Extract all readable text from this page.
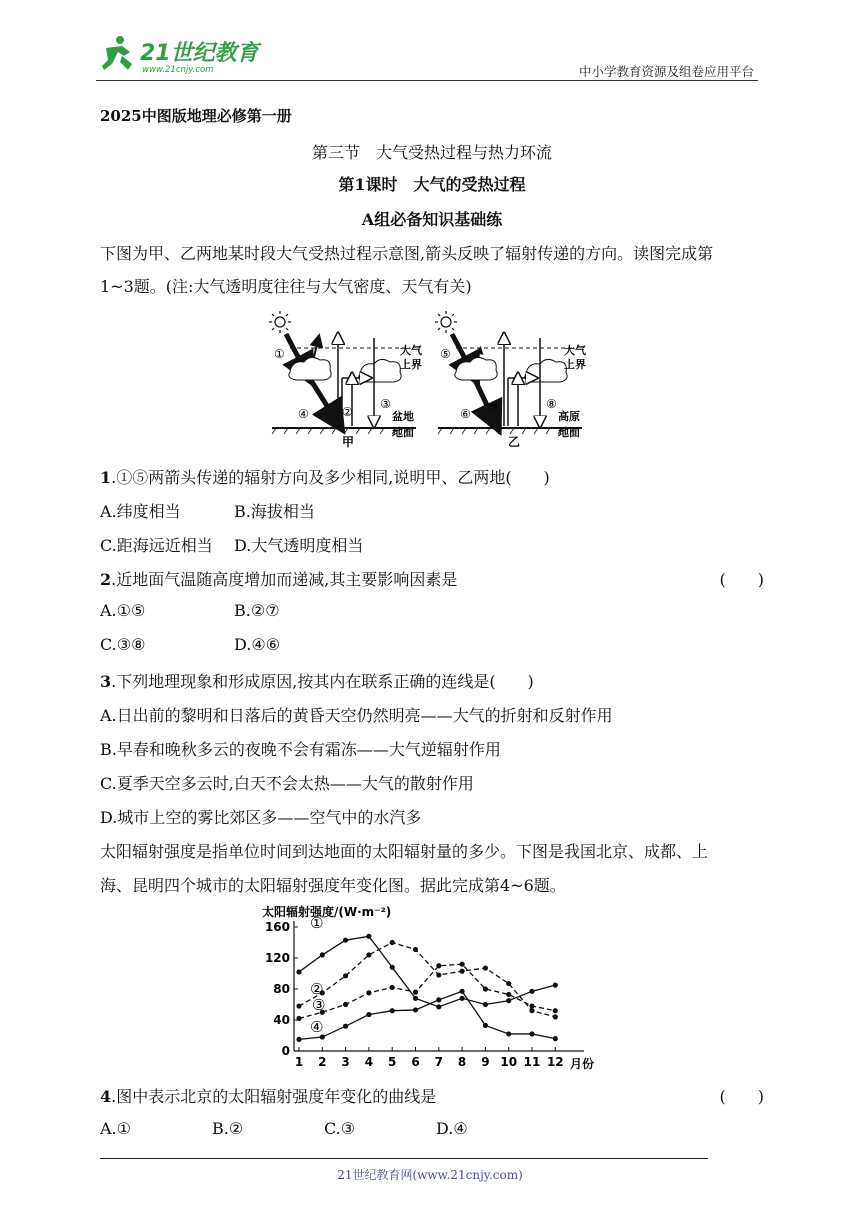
21世纪教育
www.21cnjy.com	中小学教育资源及组卷应用平台
2025中图版地理必修第一册
第三节　大气受热过程与热力环流
第1课时　大气的受热过程
A组必备知识基础练
下图为甲、乙两地某时段大气受热过程示意图,箭头反映了辐射传递的方向。读图完成第
1~3题。(注:大气透明度往往与大气密度、天气有关)
①
④	②
③
大气
上界
盆地
地面
甲
⑤
⑥ ⑦	⑧
大气
上界
高原
地面
乙
1.①⑤两箭头传递的辐射方向及多少相同,说明甲、乙两地(　　)
A.纬度相当	B.海拔相当
C.距海远近相当 D.大气透明度相当
2.近地面气温随高度增加而递减,其主要影响因素是	(　　)
A.①⑤	B.②⑦
C.③⑧	D.④⑥
3.下列地理现象和形成原因,按其内在联系正确的连线是(　　)
A.日出前的黎明和日落后的黄昏天空仍然明亮——大气的折射和反射作用
B.早春和晚秋多云的夜晚不会有霜冻——大气逆辐射作用
C.夏季天空多云时,白天不会太热——大气的散射作用
D.城市上空的雾比郊区多——空气中的水汽多
太阳辐射强度是指单位时间到达地面的太阳辐射量的多少。下图是我国北京、成都、上
海、昆明四个城市的太阳辐射强度年变化图。据此完成第4~6题。
太阳辐射强度/(W·m⁻²)
月份
0
40
80
120
160
1 2 3 4 5 6 7 8 9 10 11 12
①
②
③
④
4.图中表示北京的太阳辐射强度年变化的曲线是	(　　)
A.①	B.②	C.③	D.④
21世纪教育网(www.21cnjy.com)
